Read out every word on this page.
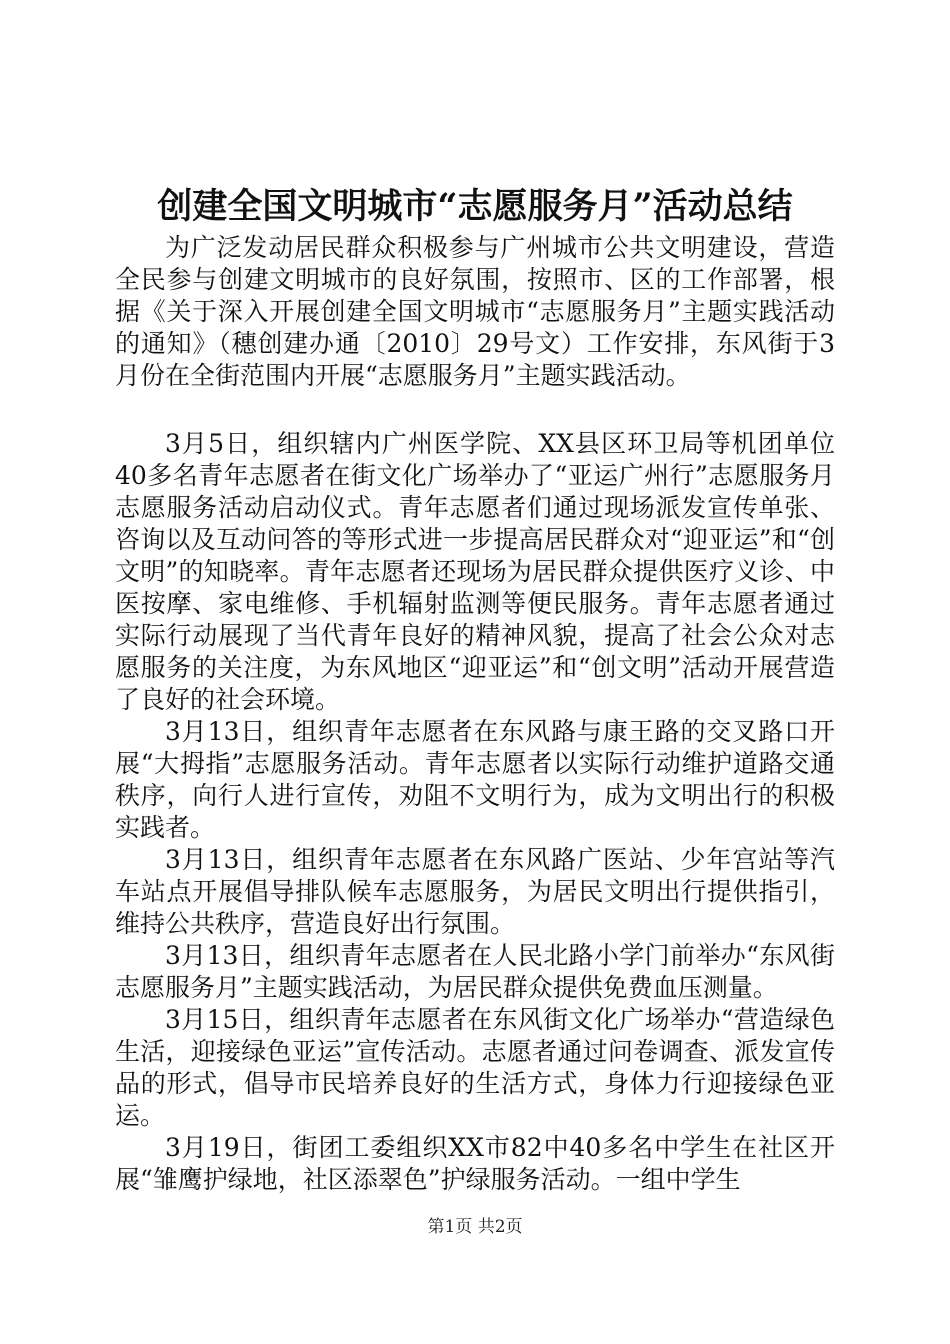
创建全国文明城市“志愿服务月”活动总结

为广泛发动居民群众积极参与广州城市公共文明建设，营造全民参与创建文明城市的良好氛围，按照市、区的工作部署，根据《关于深入开展创建全国文明城市“志愿服务月”主题实践活动的通知》（穗创建办通〔2010〕29号文）工作安排，东风街于3月份在全街范围内开展“志愿服务月”主题实践活动。

3月5日，组织辖内广州医学院、XX县区环卫局等机团单位40多名青年志愿者在街文化广场举办了“亚运广州行”志愿服务月志愿服务活动启动仪式。青年志愿者们通过现场派发宣传单张、咨询以及互动问答的等形式进一步提高居民群众对“迎亚运”和“创文明”的知晓率。青年志愿者还现场为居民群众提供医疗义诊、中医按摩、家电维修、手机辐射监测等便民服务。青年志愿者通过实际行动展现了当代青年良好的精神风貌，提高了社会公众对志愿服务的关注度，为东风地区“迎亚运”和“创文明”活动开展营造了良好的社会环境。

3月13日，组织青年志愿者在东风路与康王路的交叉路口开展“大拇指”志愿服务活动。青年志愿者以实际行动维护道路交通秩序，向行人进行宣传，劝阻不文明行为，成为文明出行的积极实践者。

3月13日，组织青年志愿者在东风路广医站、少年宫站等汽车站点开展倡导排队候车志愿服务，为居民文明出行提供指引，维持公共秩序，营造良好出行氛围。

3月13日，组织青年志愿者在人民北路小学门前举办“东风街志愿服务月”主题实践活动，为居民群众提供免费血压测量。

3月15日，组织青年志愿者在东风街文化广场举办“营造绿色生活，迎接绿色亚运”宣传活动。志愿者通过问卷调查、派发宣传品的形式，倡导市民培养良好的生活方式，身体力行迎接绿色亚运。

3月19日，街团工委组织XX市82中40多名中学生在社区开展“雏鹰护绿地，社区添翠色”护绿服务活动。一组中学生

第1页 共2页
